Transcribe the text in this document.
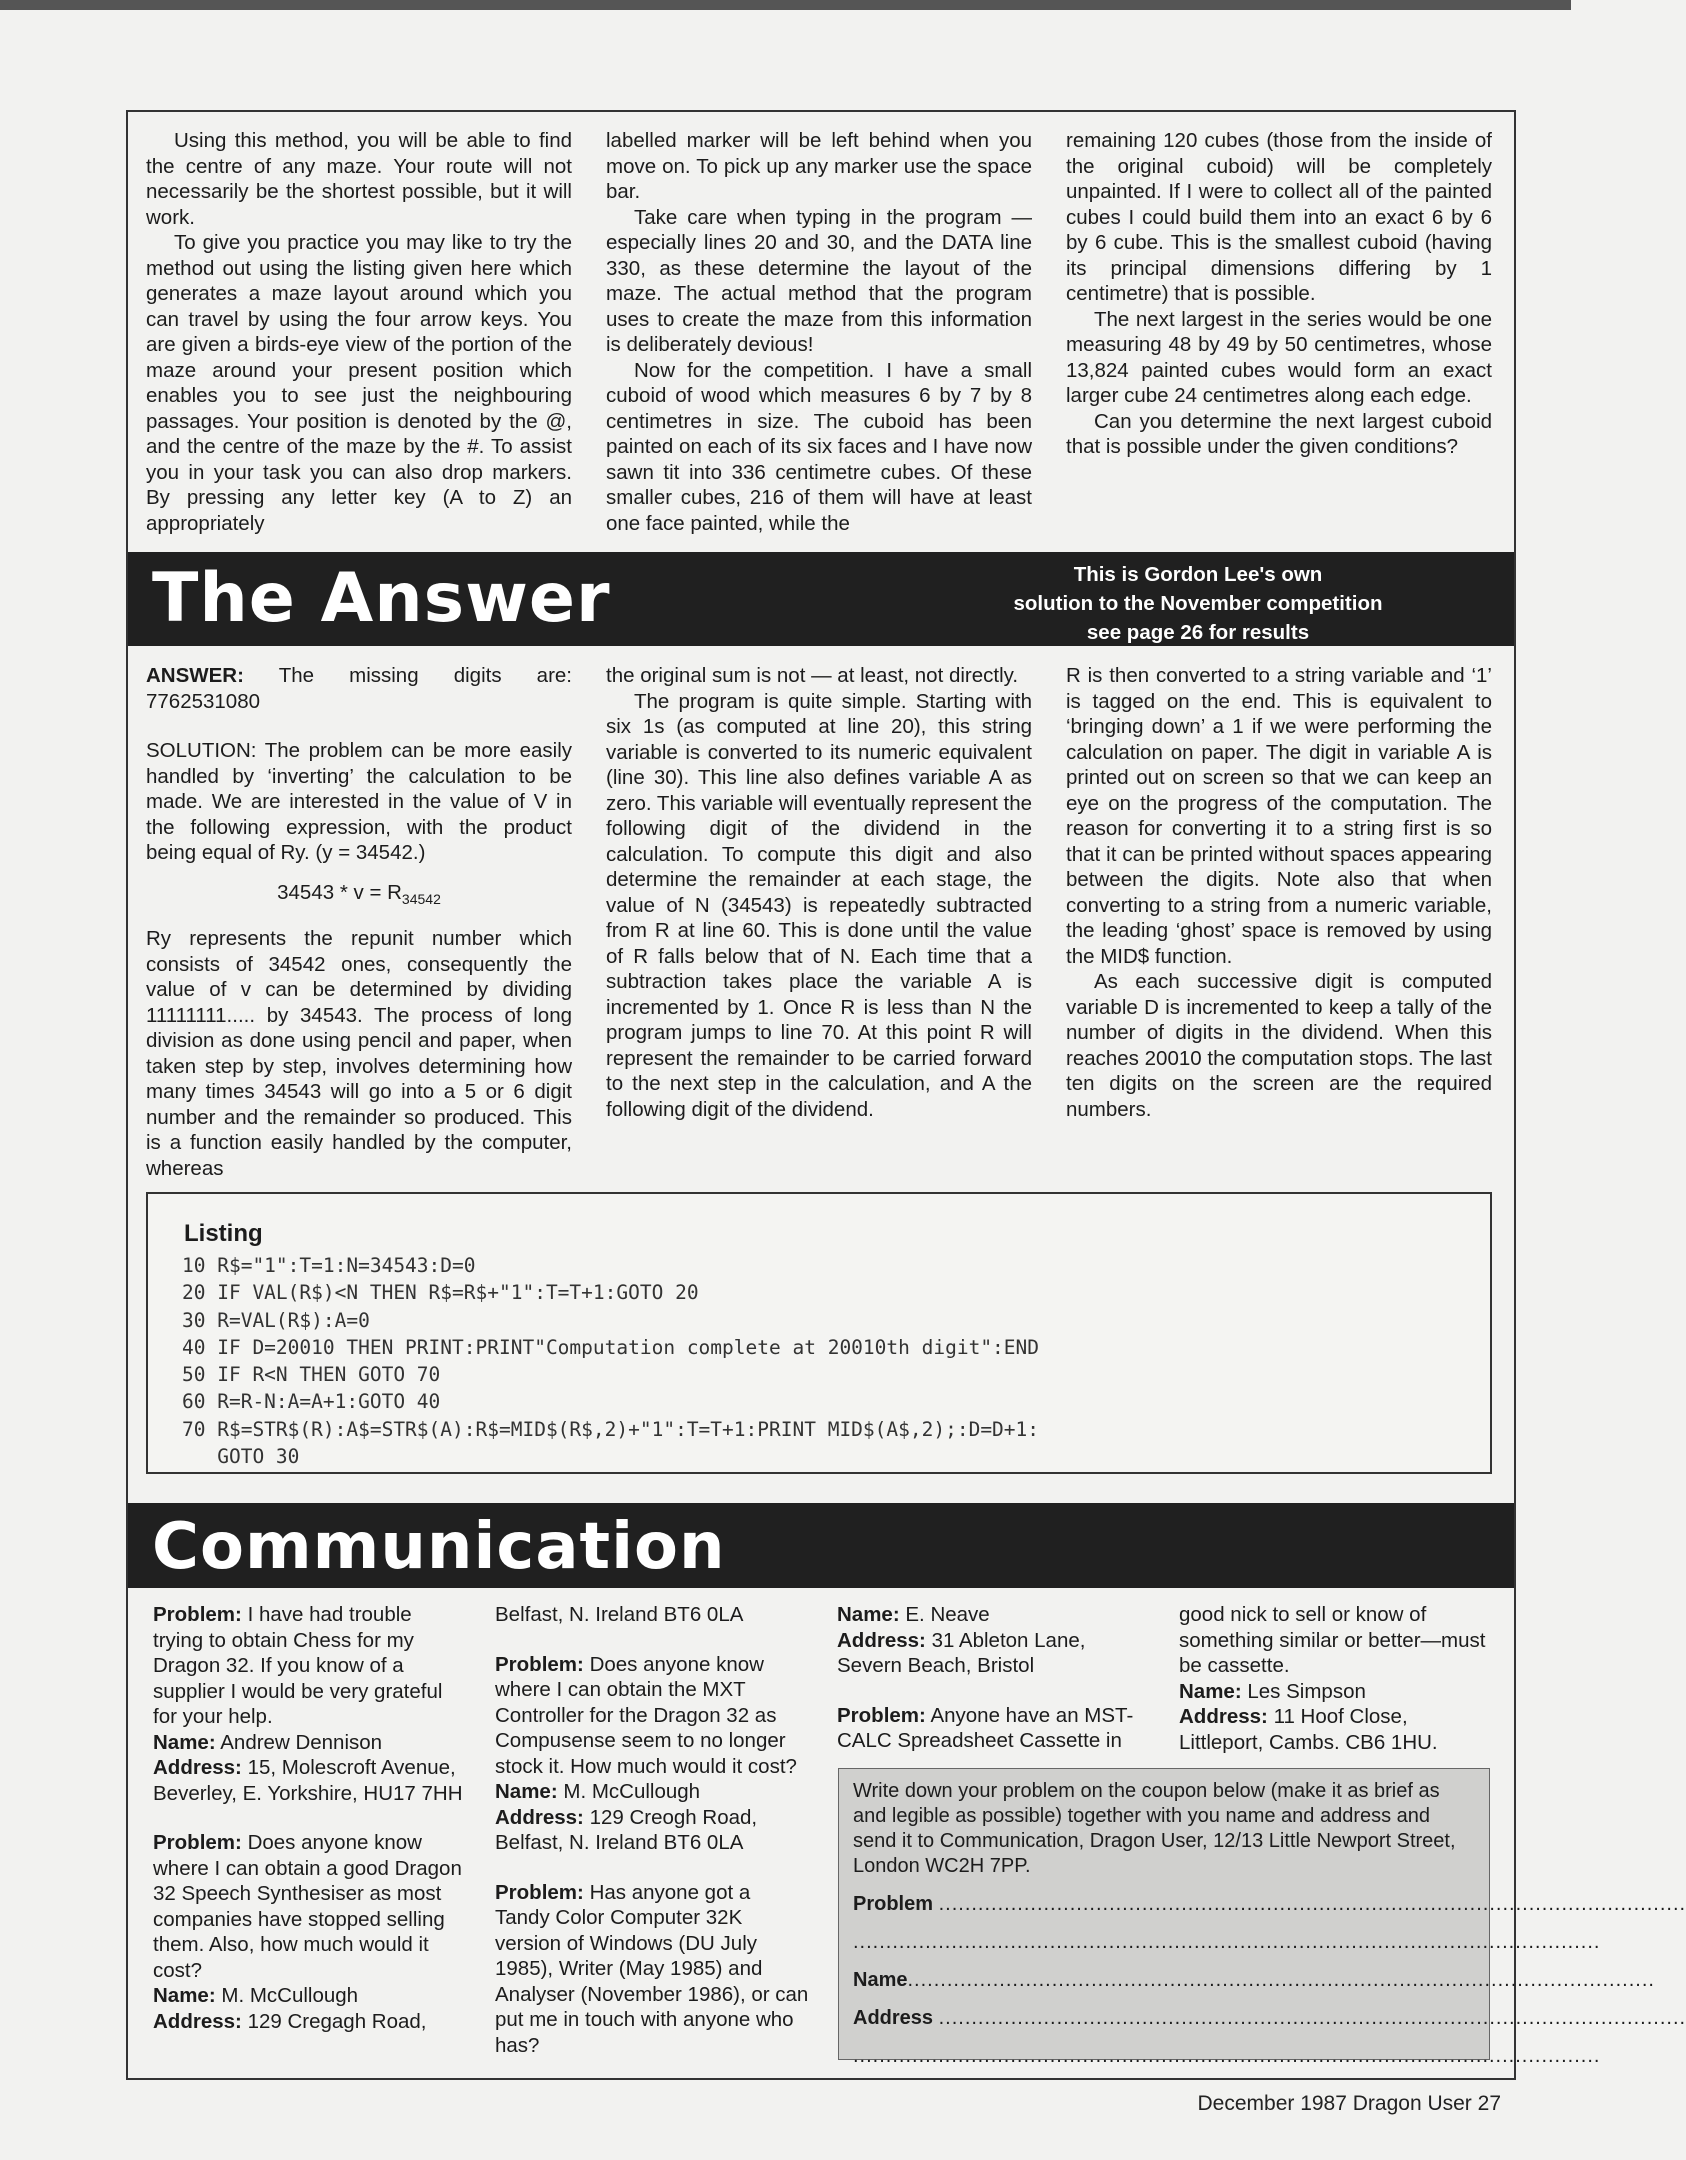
Using this method, you will be able to find the centre of any maze. Your route will not necessarily be the shortest possible, but it will work.

To give you practice you may like to try the method out using the listing given here which generates a maze layout around which you can travel by using the four arrow keys. You are given a birds-eye view of the portion of the maze around your present position which enables you to see just the neighbouring passages. Your position is denoted by the @, and the centre of the maze by the #. To assist you in your task you can also drop markers. By pressing any letter key (A to Z) an appropriately

labelled marker will be left behind when you move on. To pick up any marker use the space bar.

Take care when typing in the program — especially lines 20 and 30, and the DATA line 330, as these determine the layout of the maze. The actual method that the program uses to create the maze from this information is deliberately devious!

Now for the competition. I have a small cuboid of wood which measures 6 by 7 by 8 centimetres in size. The cuboid has been painted on each of its six faces and I have now sawn tit into 336 centimetre cubes. Of these smaller cubes, 216 of them will have at least one face painted, while the

remaining 120 cubes (those from the inside of the original cuboid) will be completely unpainted. If I were to collect all of the painted cubes I could build them into an exact 6 by 6 by 6 cube. This is the smallest cuboid (having its principal dimensions differing by 1 centimetre) that is possible.

The next largest in the series would be one measuring 48 by 49 by 50 centimetres, whose 13,824 painted cubes would form an exact larger cube 24 centimetres along each edge.

Can you determine the next largest cuboid that is possible under the given conditions?

The Answer	This is Gordon Lee's own
solution to the November competition
see page 26 for results

ANSWER: The missing digits are: 7762531080

SOLUTION: The problem can be more easily handled by ‘inverting’ the calculation to be made. We are interested in the value of V in the following expression, with the product being equal of Ry. (y = 34542.)

$34543 * v = R_{34542}$

Ry represents the repunit number which consists of 34542 ones, consequently the value of v can be determined by dividing 11111111..... by 34543. The process of long division as done using pencil and paper, when taken step by step, involves determining how many times 34543 will go into a 5 or 6 digit number and the remainder so produced. This is a function easily handled by the computer, whereas

the original sum is not — at least, not directly.

The program is quite simple. Starting with six 1s (as computed at line 20), this string variable is converted to its numeric equivalent (line 30). This line also defines variable A as zero. This variable will eventually represent the following digit of the dividend in the calculation. To compute this digit and also determine the remainder at each stage, the value of N (34543) is repeatedly subtracted from R at line 60. This is done until the value of R falls below that of N. Each time that a subtraction takes place the variable A is incremented by 1. Once R is less than N the program jumps to line 70. At this point R will represent the remainder to be carried forward to the next step in the calculation, and A the following digit of the dividend.

R is then converted to a string variable and ‘1’ is tagged on the end. This is equivalent to ‘bringing down’ a 1 if we were performing the calculation on paper. The digit in variable A is printed out on screen so that we can keep an eye on the progress of the computation. The reason for converting it to a string first is so that it can be printed without spaces appearing between the digits. Note also that when converting to a string from a numeric variable, the leading ‘ghost’ space is removed by using the MID$ function.

As each successive digit is computed variable D is incremented to keep a tally of the number of digits in the dividend. When this reaches 20010 the computation stops. The last ten digits on the screen are the required numbers.

Listing
10 R$="1":T=1:N=34543:D=0
20 IF VAL(R$)<N THEN R$=R$+"1":T=T+1:GOTO 20
30 R=VAL(R$):A=0
40 IF D=20010 THEN PRINT:PRINT"Computation complete at 20010th digit":END
50 IF R<N THEN GOTO 70
60 R=R-N:A=A+1:GOTO 40
70 R$=STR$(R):A$=STR$(A):R$=MID$(R$,2)+"1":T=T+1:PRINT MID$(A$,2);:D=D+1:
GOTO 30
Communication

Problem: I have had trouble trying to obtain Chess for my Dragon 32. If you know of a supplier I would be very grateful for your help.

Name: Andrew Dennison

Address: 15, Molescroft Avenue, Beverley, E. Yorkshire, HU17 7HH

Problem: Does anyone know where I can obtain a good Dragon 32 Speech Synthesiser as most companies have stopped selling them. Also, how much would it cost?

Name: M. McCullough

Address: 129 Cregagh Road,

Belfast, N. Ireland BT6 0LA

Problem: Does anyone know where I can obtain the MXT Controller for the Dragon 32 as Compusense seem to no longer stock it. How much would it cost?

Name: M. McCullough

Address: 129 Creogh Road, Belfast, N. Ireland BT6 0LA

Problem: Has anyone got a Tandy Color Computer 32K version of Windows (DU July 1985), Writer (May 1985) and Analyser (November 1986), or can put me in touch with anyone who has?

Name: E. Neave

Address: 31 Ableton Lane, Severn Beach, Bristol

Problem: Anyone have an MST-CALC Spreadsheet Cassette in

good nick to sell or know of something similar or better—must be cassette.

Name: Les Simpson

Address: 11 Hoof Close, Littleport, Cambs. CB6 1HU.

Write down your problem on the coupon below (make it as brief as and legible as possible) together with you name and address and send it to Communication, Dragon User, 12/13 Little Newport Street, London WC2H 7PP.
Problem ..................................................................................................................
..................................................................................................................
Name..................................................................................................................
Address ..................................................................................................................
..................................................................................................................
December 1987 Dragon User 27
